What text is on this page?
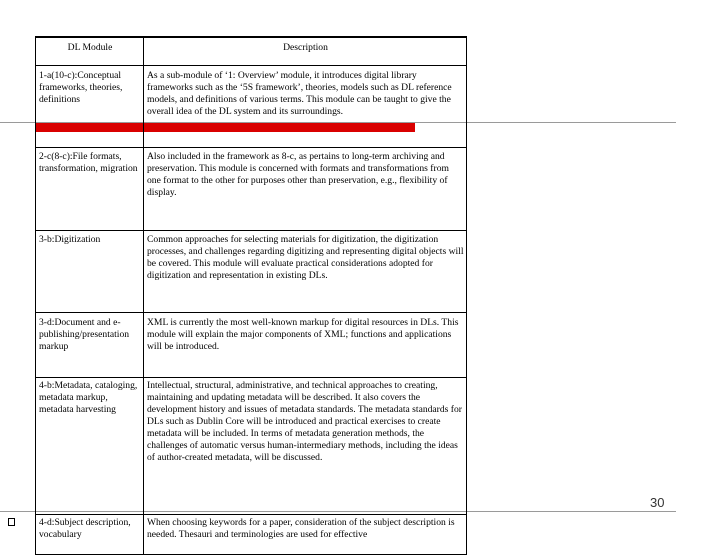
DL Module	Description
1-a(10-c):Conceptual frameworks, theories, definitions	As a sub-module of ‘1: Overview’ module, it introduces digital library frameworks such as the ‘5S framework’, theories, models such as DL reference models, and definitions of various terms. This module can be taught to give the overall idea of the DL system and its surroundings.
2-c(8-c):File formats, transformation, migration	Also included in the framework as 8-c, as pertains to long-term archiving and preservation. This module is concerned with formats and transformations from one format to the other for purposes other than preservation, e.g., flexibility of display.
3-b:Digitization	Common approaches for selecting materials for digitization, the digitization processes, and challenges regarding digitizing and representing digital objects will be covered. This module will evaluate practical considerations adopted for digitization and representation in existing DLs.
3-d:Document and e-publishing/presentation markup	XML is currently the most well-known markup for digital resources in DLs. This module will explain the major components of XML; functions and applications will be introduced.
4-b:Metadata, cataloging, metadata markup, metadata harvesting	Intellectual, structural, administrative, and technical approaches to creating, maintaining and updating metadata will be described. It also covers the development history and issues of metadata standards. The metadata standards for DLs such as Dublin Core will be introduced and practical exercises to create metadata will be included. In terms of metadata generation methods, the challenges of automatic versus human-intermediary methods, including the ideas of author-created metadata, will be discussed.
4-d:Subject description, vocabulary	When choosing keywords for a paper, consideration of the subject description is needed. Thesauri and terminologies are used for effective
30
